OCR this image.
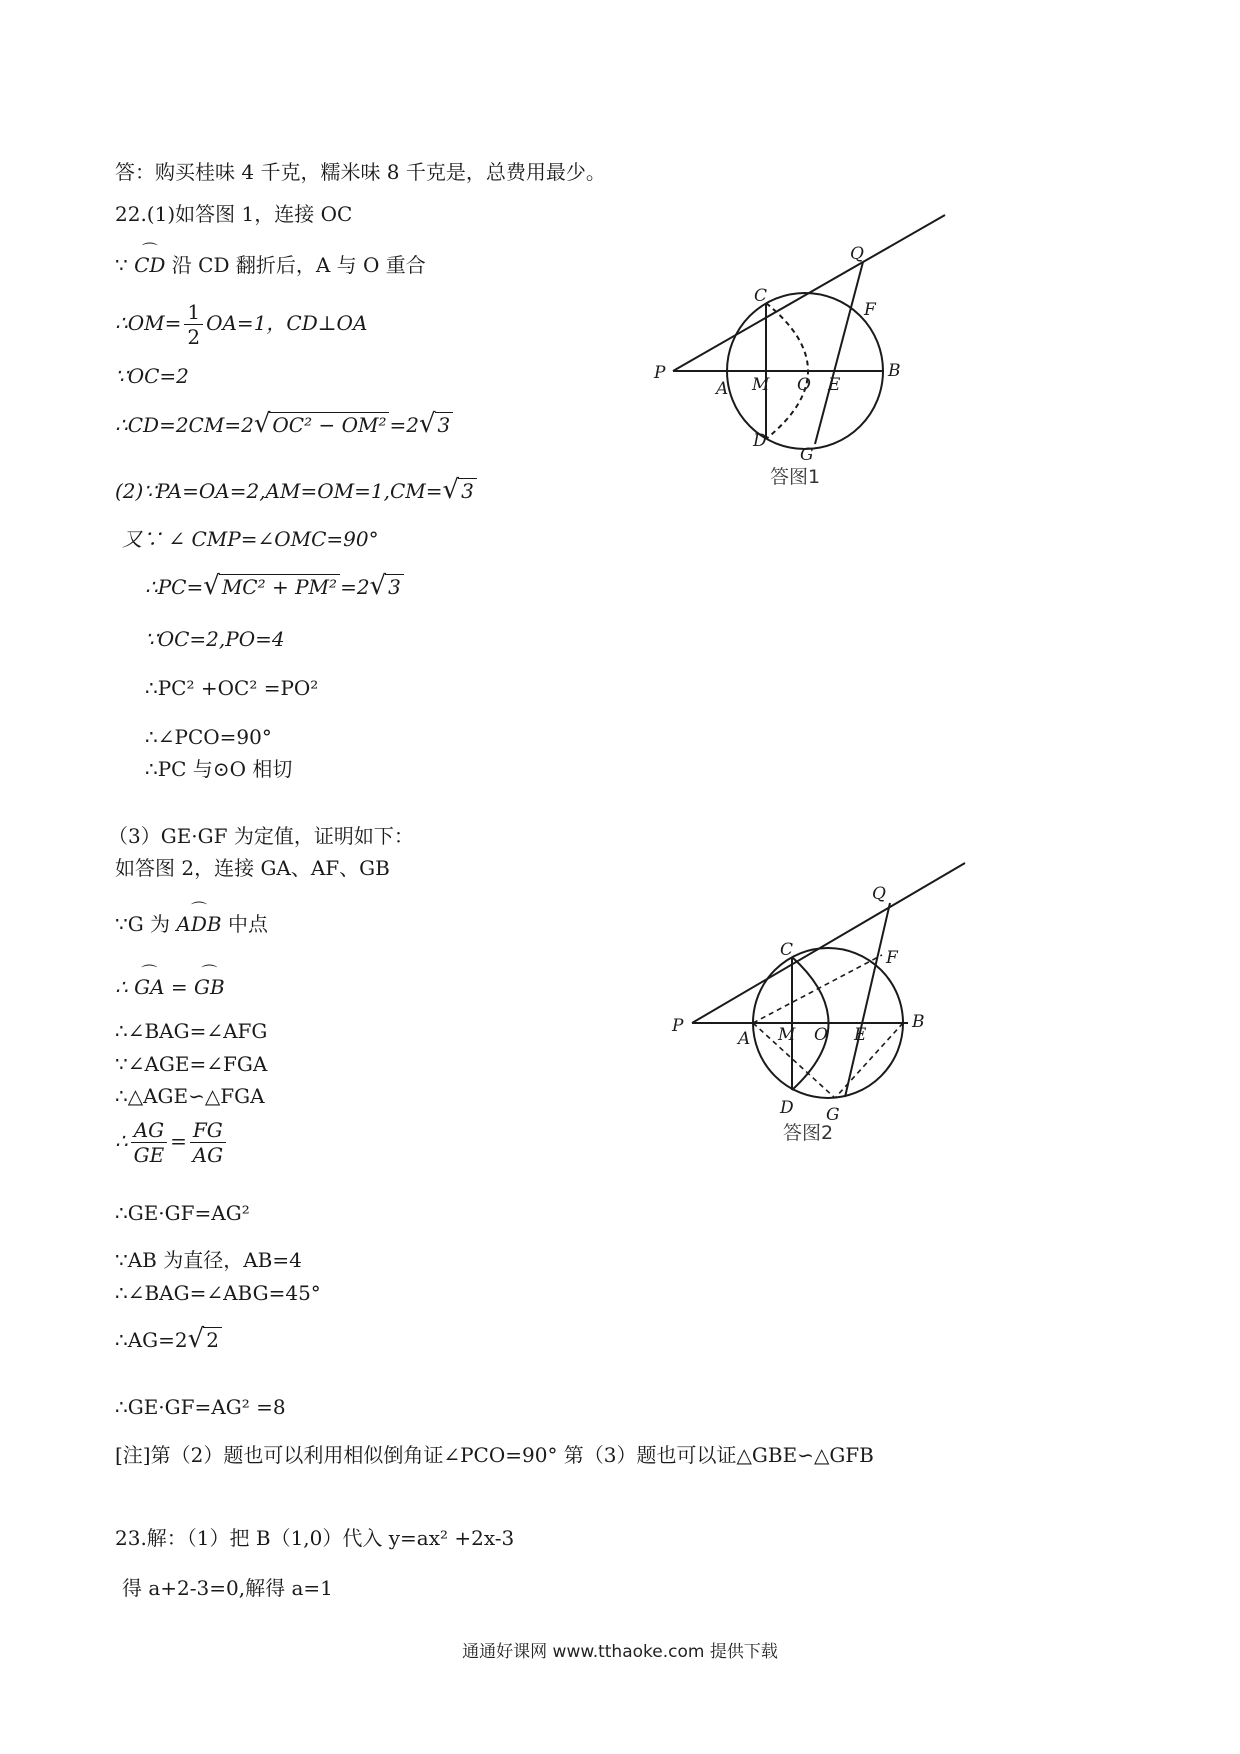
答：购买桂味 4 千克，糯米味 8 千克是，总费用最少。
22.(1)如答图 1，连接 OC
∵ ⌒ CD 沿 CD 翻折后，A 与 O 重合
∴OM= $\frac{1}{2} OA=1$，CD⊥OA
∵OC=2
∴CD=2CM=2√ OC² − OM² =2√ 3
(2)∵PA=OA=2,AM=OM=1,CM=√ 3
又∵ ∠ CMP=∠OMC=90°
∴PC=√ MC² + PM² =2√ 3
∵OC=2,PO=4
∴PC² +OC² =PO²
∴∠PCO=90°
∴PC 与⊙O 相切
（3）GE·GF 为定值，证明如下：
如答图 2，连接 GA、AF、GB
∵G 为 ⌒ ADB 中点
∴ ⌒ GA = ⌒ GB
∴∠BAG=∠AFG
∵∠AGE=∠FGA
∴△AGE∽△FGA
∴ $\frac{AG}{GE} = \frac{FG}{AG}$
∴GE·GF=AG²
∵AB 为直径，AB=4
∴∠BAG=∠ABG=45°
∴AG=2√ 2
∴GE·GF=AG² =8
[注]第（2）题也可以利用相似倒角证∠PCO=90° 第（3）题也可以证△GBE∽△GFB
23.解：（1）把 B（1,0）代入 y=ax² +2x-3
得 a+2-3=0,解得 a=1
Q
C
F
P
A M O E
B
D
G
答图1
Q
C	F
P
A M O E
B
D G
答图2
通通好课网 www.tthaoke.com 提供下载
